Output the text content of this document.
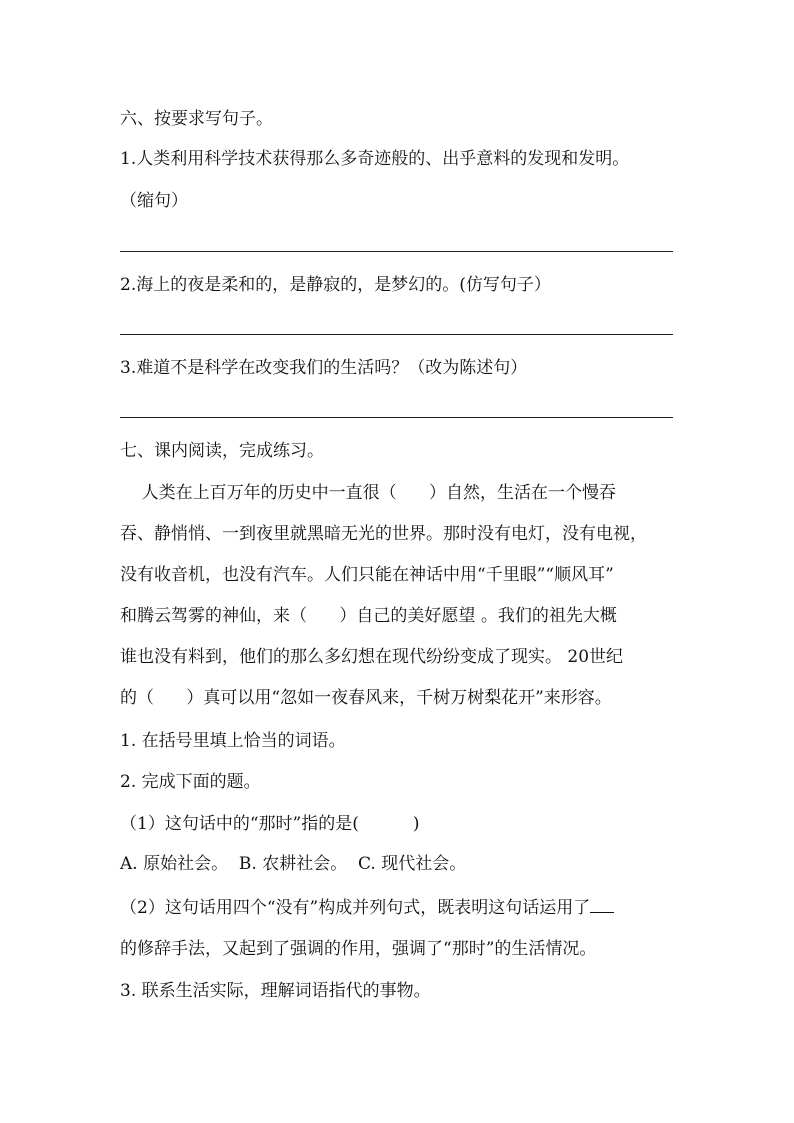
六、按要求写句子。
1.人类利用科学技术获得那么多奇迹般的、出乎意料的发现和发明。
（缩句）
2.海上的夜是柔和的，是静寂的，是梦幻的。(仿写句子）
3.难道不是科学在改变我们的生活吗？（改为陈述句）
七、课内阅读，完成练习。
人类在上百万年的历史中一直很（      ）自然，生活在一个慢吞
吞、静悄悄、一到夜里就黑暗无光的世界。那时没有电灯，没有电视，
没有收音机，也没有汽车。人们只能在神话中用“千里眼”“顺风耳”
和腾云驾雾的神仙，来（      ）自己的美好愿望 。我们的祖先大概
谁也没有料到，他们的那么多幻想在现代纷纷变成了现实。 20世纪
的（      ）真可以用“忽如一夜春风来，千树万树梨花开”来形容。
1. 在括号里填上恰当的词语。
2. 完成下面的题。
（1）这句话中的“那时”指的是(          )
A. 原始社会。  B. 农耕社会。  C. 现代社会。
（2）这句话用四个“没有”构成并列句式，既表明这句话运用了
的修辞手法，又起到了强调的作用，强调了“那时”的生活情况。
3. 联系生活实际，理解词语指代的事物。
